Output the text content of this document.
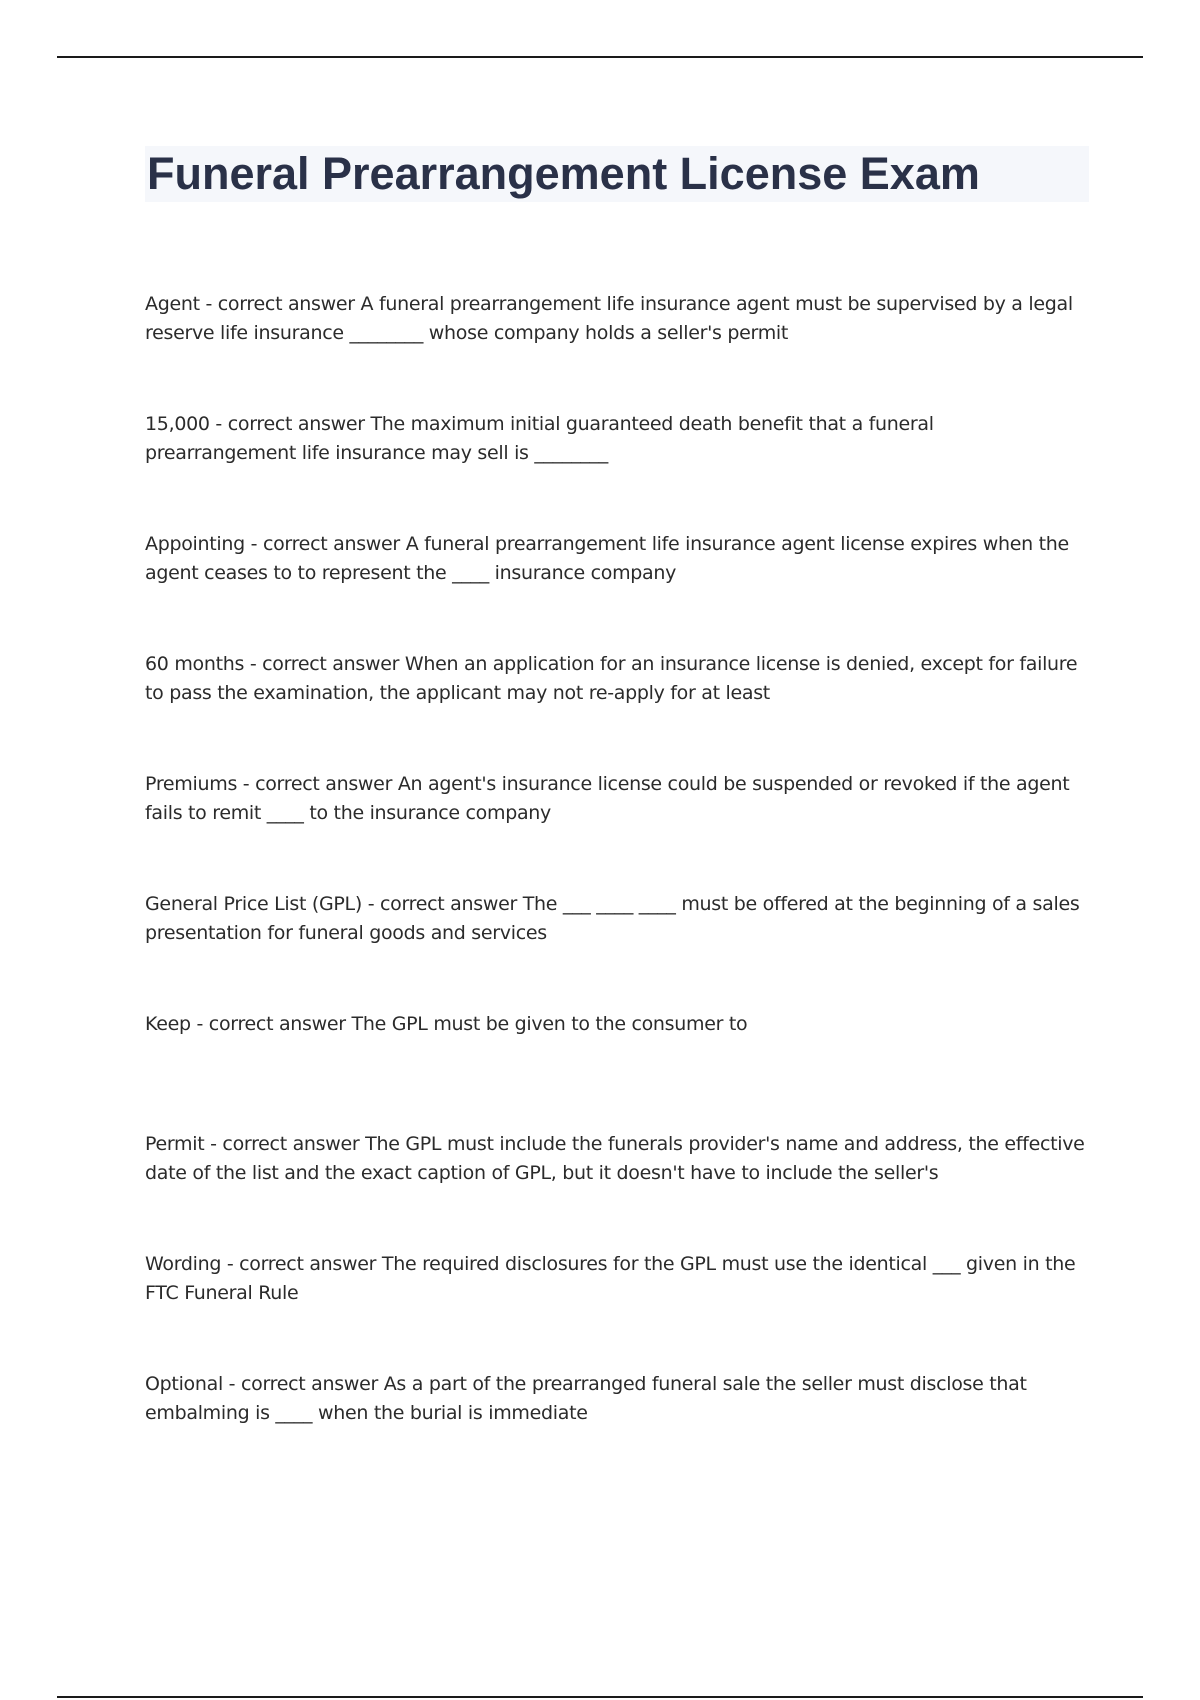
Funeral Prearrangement License Exam
Agent - correct answer A funeral prearrangement life insurance agent must be supervised by a legal reserve life insurance ________ whose company holds a seller's permit
15,000 - correct answer The maximum initial guaranteed death benefit that a funeral prearrangement life insurance may sell is ________
Appointing - correct answer A funeral prearrangement life insurance agent license expires when the agent ceases to to represent the ____ insurance company
60 months - correct answer When an application for an insurance license is denied, except for failure to pass the examination, the applicant may not re-apply for at least
Premiums - correct answer An agent's insurance license could be suspended or revoked if the agent fails to remit ____ to the insurance company
General Price List (GPL) - correct answer The ___ ____ ____ must be offered at the beginning of a sales presentation for funeral goods and services
Keep - correct answer The GPL must be given to the consumer to
Permit - correct answer The GPL must include the funerals provider's name and address, the effective date of the list and the exact caption of GPL, but it doesn't have to include the seller's
Wording - correct answer The required disclosures for the GPL must use the identical ___ given in the FTC Funeral Rule
Optional - correct answer As a part of the prearranged funeral sale the seller must disclose that embalming is ____ when the burial is immediate
